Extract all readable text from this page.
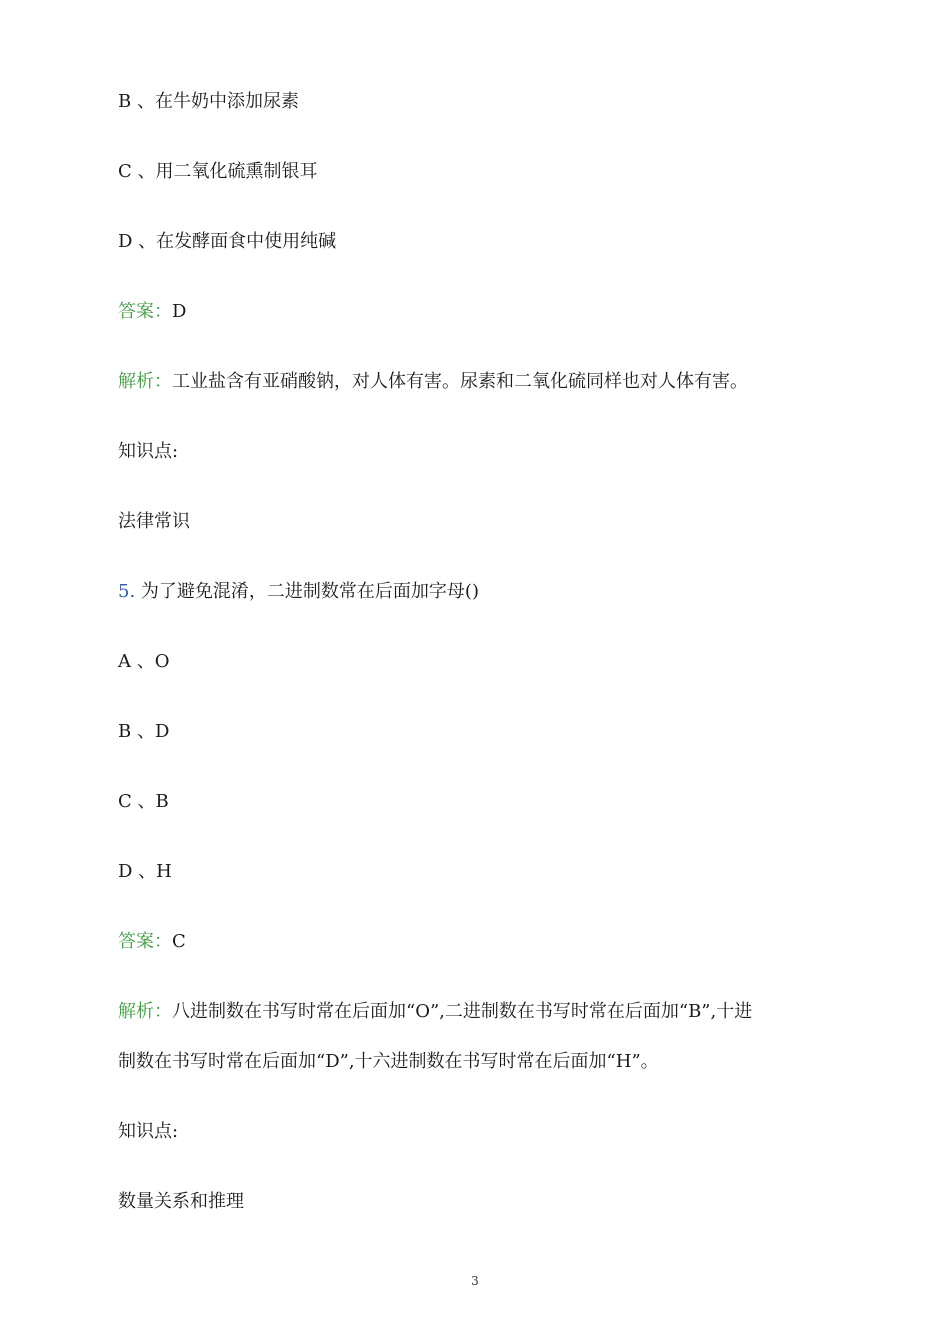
B 、在牛奶中添加尿素
C 、用二氧化硫熏制银耳
D 、在发酵面食中使用纯碱
答案：D
解析：工业盐含有亚硝酸钠，对人体有害。尿素和二氧化硫同样也对人体有害。
知识点:
法律常识
5. 为了避免混淆，二进制数常在后面加字母()
A 、O
B 、D
C 、B
D 、H
答案：C
解析：八进制数在书写时常在后面加“O”,二进制数在书写时常在后面加“B”,十进
制数在书写时常在后面加“D”,十六进制数在书写时常在后面加“H”。
知识点:
数量关系和推理
3
